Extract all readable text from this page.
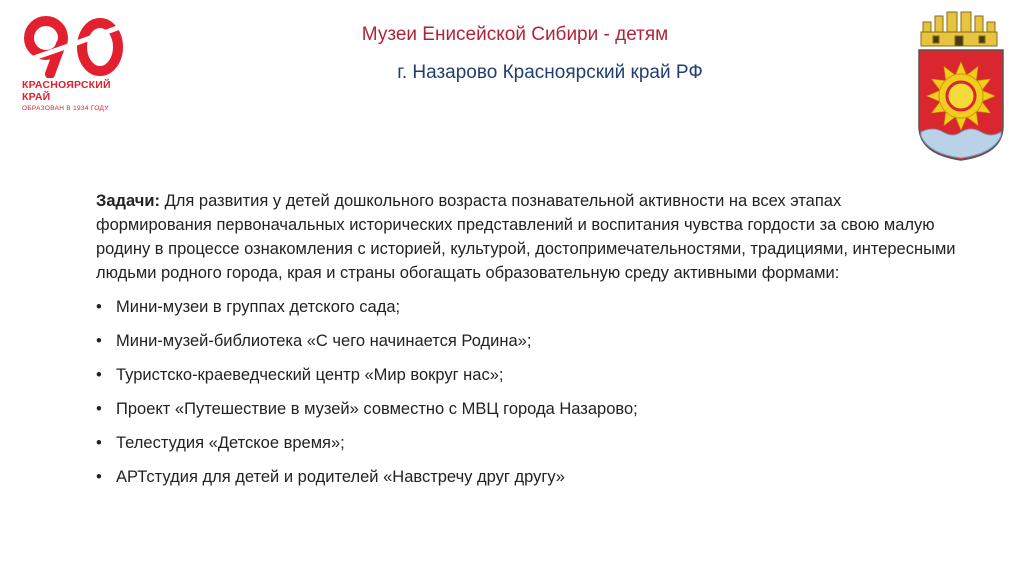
КРАСНОЯРСКИЙ
КРАЙ
ОБРАЗОВАН В 1934 ГОДУ
Музеи Енисейской Сибири - детям
г. Назарово Красноярский край РФ

Задачи: Для развития у детей дошкольного возраста познавательной активности на всех этапах формирования первоначальных исторических представлений и воспитания чувства гордости за свою малую родину в процессе ознакомления с историей, культурой, достопримечательностями, традициями, интересными людьми родного города, края и страны обогащать образовательную среду активными формами:

• Мини-музеи в группах детского сада;
• Мини-музей-библиотека «С чего начинается Родина»;
• Туристско-краеведческий центр «Мир вокруг нас»;
• Проект «Путешествие в музей» совместно с МВЦ города Назарово;
• Телестудия «Детское время»;
• АРТстудия для детей и родителей «Навстречу друг другу»
